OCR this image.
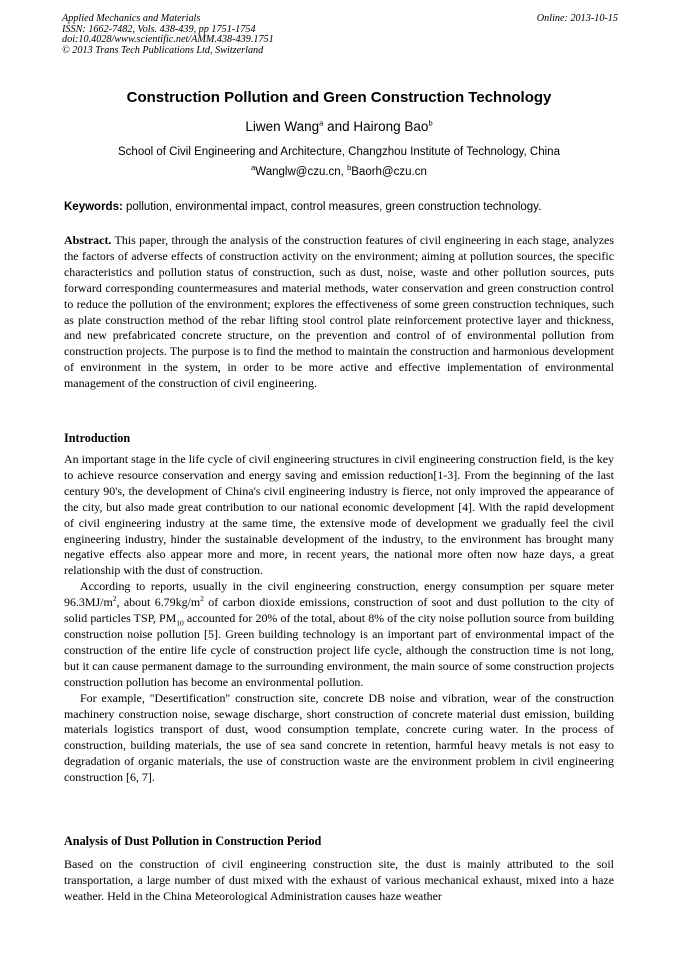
Applied Mechanics and Materials
ISSN: 1662-7482, Vols. 438-439, pp 1751-1754
doi:10.4028/www.scientific.net/AMM.438-439.1751
© 2013 Trans Tech Publications Ltd, Switzerland
Online: 2013-10-15
Construction Pollution and Green Construction Technology
Liwen Wang$^a$ and Hairong Bao$^b$
School of Civil Engineering and Architecture, Changzhou Institute of Technology, China
$^a$Wanglw@czu.cn, $^b$Baorh@czu.cn
Keywords: pollution, environmental impact, control measures, green construction technology.

Abstract. This paper, through the analysis of the construction features of civil engineering in each stage, analyzes the factors of adverse effects of construction activity on the environment; aiming at pollution sources, the specific characteristics and pollution status of construction, such as dust, noise, waste and other pollution sources, puts forward corresponding countermeasures and material methods, water conservation and green construction control to reduce the pollution of the environment; explores the effectiveness of some green construction techniques, such as plate construction method of the rebar lifting stool control plate reinforcement protective layer and thickness, and new prefabricated concrete structure, on the prevention and control of of environmental pollution from construction projects. The purpose is to find the method to maintain the construction and harmonious development of environment in the system, in order to be more active and effective implementation of environmental management of the construction of civil engineering.

Introduction

An important stage in the life cycle of civil engineering structures in civil engineering construction field, is the key to achieve resource conservation and energy saving and emission reduction[1-3]. From the beginning of the last century 90's, the development of China's civil engineering industry is fierce, not only improved the appearance of the city, but also made great contribution to our national economic development [4]. With the rapid development of civil engineering industry at the same time, the extensive mode of development we gradually feel the civil engineering industry, hinder the sustainable development of the industry, to the environment has brought many negative effects also appear more and more, in recent years, the national more often now haze days, a great relationship with the dust of construction.

According to reports, usually in the civil engineering construction, energy consumption per square meter $96.3MJ/m^2$, about $6.79kg/m^2$ of carbon dioxide emissions, construction of soot and dust pollution to the city of solid particles TSP, $PM_{10}$ accounted for 20% of the total, about 8% of the city noise pollution source from building construction noise pollution [5]. Green building technology is an important part of environmental impact of the construction of the entire life cycle of construction project life cycle, although the construction time is not long, but it can cause permanent damage to the surrounding environment, the main source of some construction projects construction pollution has become an environmental pollution.

For example, "Desertification" construction site, concrete DB noise and vibration, wear of the construction machinery construction noise, sewage discharge, short construction of concrete material dust emission, building materials logistics transport of dust, wood consumption template, concrete curing water. In the process of construction, building materials, the use of sea sand concrete in retention, harmful heavy metals is not easy to degradation of organic materials, the use of construction waste are the environment problem in civil engineering construction [6, 7].

Analysis of Dust Pollution in Construction Period

Based on the construction of civil engineering construction site, the dust is mainly attributed to the soil transportation, a large number of dust mixed with the exhaust of various mechanical exhaust, mixed into a haze weather. Held in the China Meteorological Administration causes haze weather
